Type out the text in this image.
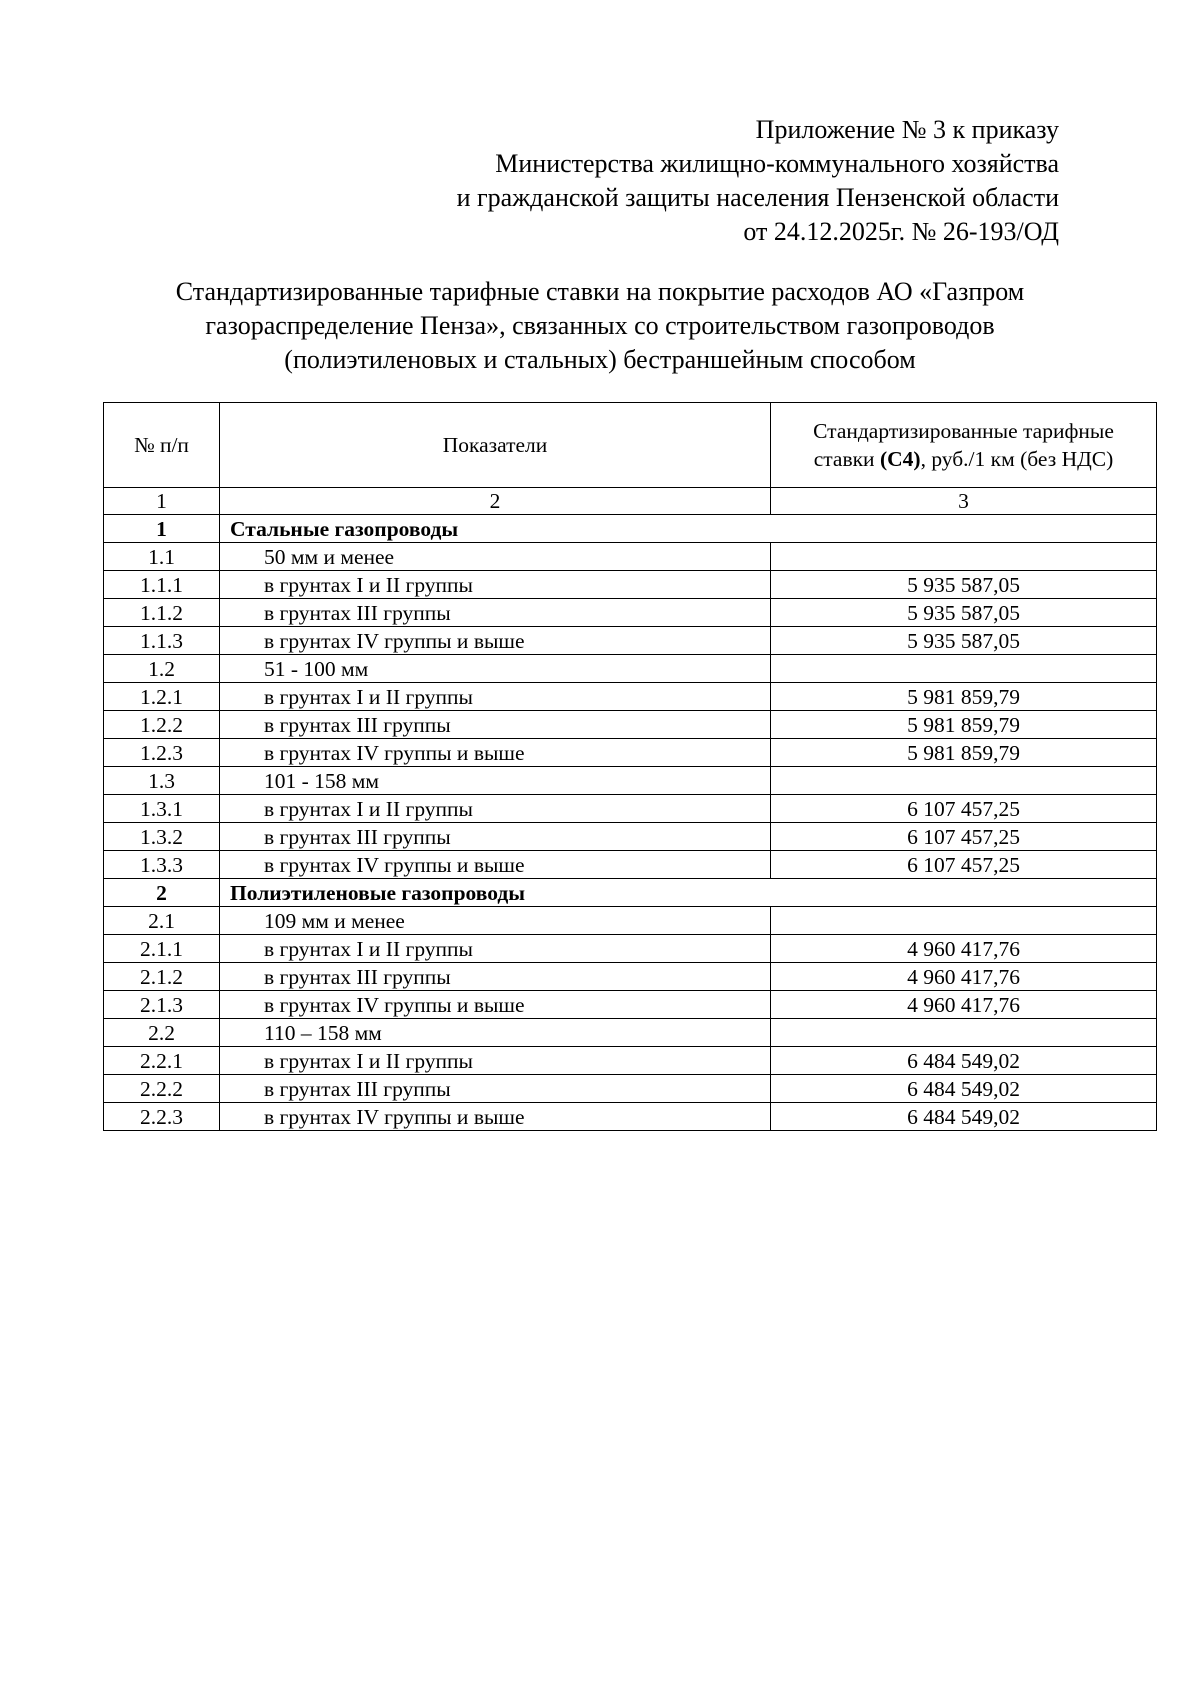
Приложение № 3 к приказу
Министерства жилищно-коммунального хозяйства
и гражданской защиты населения Пензенской области
от 24.12.2025г. № 26-193/ОД
Стандартизированные тарифные ставки на покрытие расходов АО «Газпром
газораспределение Пенза», связанных со строительством газопроводов
(полиэтиленовых и стальных) бестраншейным способом
№ п/п	Показатели	Стандартизированные тарифные ставки (С4), руб./1 км (без НДС)
1	2	3
1	Стальные газопроводы	
1.1	50 мм и менее	
1.1.1	в грунтах I и II группы	5 935 587,05
1.1.2	в грунтах III группы	5 935 587,05
1.1.3	в грунтах IV группы и выше	5 935 587,05
1.2	51 - 100 мм	
1.2.1	в грунтах I и II группы	5 981 859,79
1.2.2	в грунтах III группы	5 981 859,79
1.2.3	в грунтах IV группы и выше	5 981 859,79
1.3	101 - 158 мм	
1.3.1	в грунтах I и II группы	6 107 457,25
1.3.2	в грунтах III группы	6 107 457,25
1.3.3	в грунтах IV группы и выше	6 107 457,25
2	Полиэтиленовые газопроводы	
2.1	109 мм и менее	
2.1.1	в грунтах I и II группы	4 960 417,76
2.1.2	в грунтах III группы	4 960 417,76
2.1.3	в грунтах IV группы и выше	4 960 417,76
2.2	110 – 158 мм	
2.2.1	в грунтах I и II группы	6 484 549,02
2.2.2	в грунтах III группы	6 484 549,02
2.2.3	в грунтах IV группы и выше	6 484 549,02
